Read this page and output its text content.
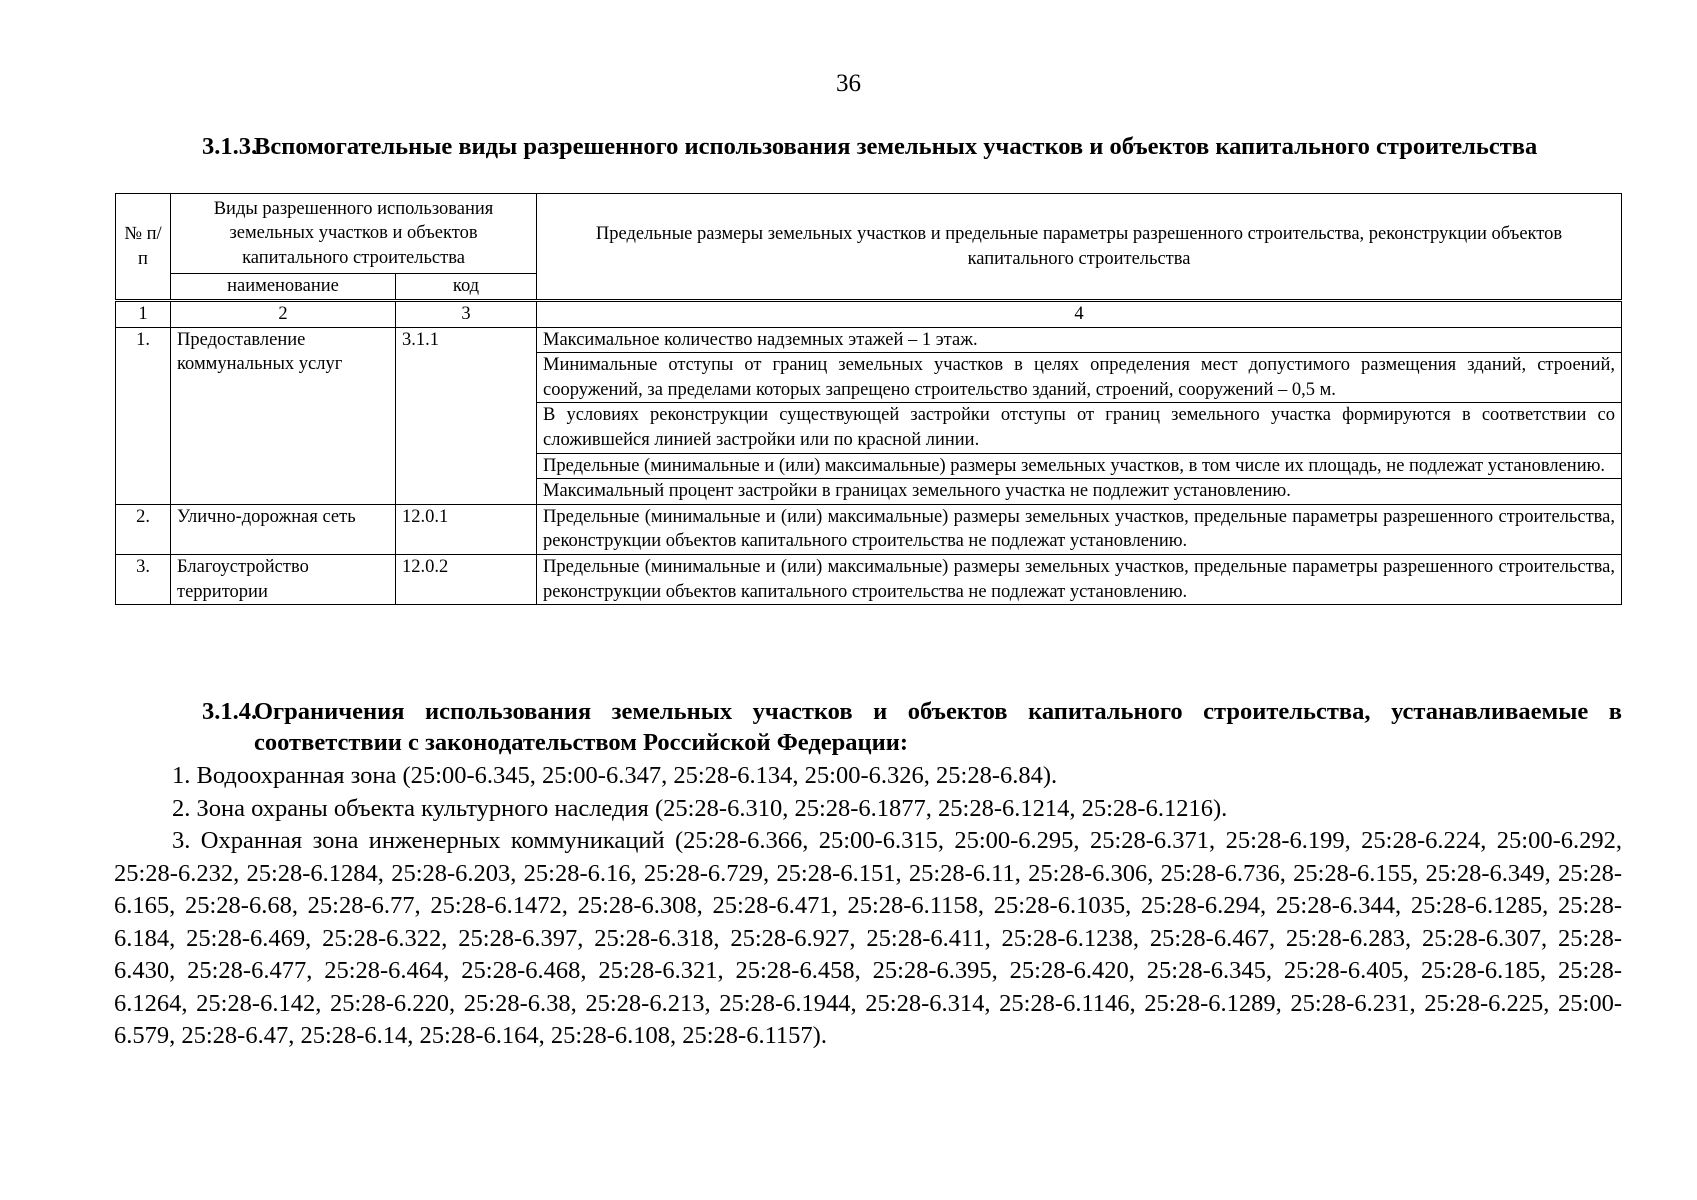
36
3.1.3.Вспомогательные виды разрешенного использования земельных участков и объектов капитального строительства
№ п/п	Виды разрешенного использования земельных участков и объектов капитального строительства		Предельные размеры земельных участков и предельные параметры разрешенного строительства, реконструкции объектов капитального строительства
	наименование	код	
1	2	3	4
1.	Предоставление коммунальных услуг	3.1.1	Максимальное количество надземных этажей – 1 этаж.
			Минимальные отступы от границ земельных участков в целях определения мест допустимого размещения зданий, строений, сооружений, за пределами которых запрещено строительство зданий, строений, сооружений – 0,5 м.
			В условиях реконструкции существующей застройки отступы от границ земельного участка формируются в соответствии со сложившейся линией застройки или по красной линии.
			Предельные (минимальные и (или) максимальные) размеры земельных участков, в том числе их площадь, не подлежат установлению.
			Максимальный процент застройки в границах земельного участка не подлежит установлению.
2.	Улично-дорожная сеть	12.0.1	Предельные (минимальные и (или) максимальные) размеры земельных участков, предельные параметры разрешенного строительства, реконструкции объектов капитального строительства не подлежат установлению.
3.	Благоустройство территории	12.0.2	Предельные (минимальные и (или) максимальные) размеры земельных участков, предельные параметры разрешенного строительства, реконструкции объектов капитального строительства не подлежат установлению.
3.1.4.Ограничения использования земельных участков и объектов капитального строительства, устанавливаемые в соответствии с законодательством Российской Федерации:

1. Водоохранная зона (25:00-6.345, 25:00-6.347, 25:28-6.134, 25:00-6.326, 25:28-6.84).

2. Зона охраны объекта культурного наследия (25:28-6.310, 25:28-6.1877, 25:28-6.1214, 25:28-6.1216).

3. Охранная зона инженерных коммуникаций (25:28-6.366, 25:00-6.315, 25:00-6.295, 25:28-6.371, 25:28-6.199, 25:28-6.224, 25:00-6.292, 25:28-6.232, 25:28-6.1284, 25:28-6.203, 25:28-6.16, 25:28-6.729, 25:28-6.151, 25:28-6.11, 25:28-6.306, 25:28-6.736, 25:28-6.155, 25:28-6.349, 25:28-6.165, 25:28-6.68, 25:28-6.77, 25:28-6.1472, 25:28-6.308, 25:28-6.471, 25:28-6.1158, 25:28-6.1035, 25:28-6.294, 25:28-6.344, 25:28-6.1285, 25:28-6.184, 25:28-6.469, 25:28-6.322, 25:28-6.397, 25:28-6.318, 25:28-6.927, 25:28-6.411, 25:28-6.1238, 25:28-6.467, 25:28-6.283, 25:28-6.307, 25:28-6.430, 25:28-6.477, 25:28-6.464, 25:28-6.468, 25:28-6.321, 25:28-6.458, 25:28-6.395, 25:28-6.420, 25:28-6.345, 25:28-6.405, 25:28-6.185, 25:28-6.1264, 25:28-6.142, 25:28-6.220, 25:28-6.38, 25:28-6.213, 25:28-6.1944, 25:28-6.314, 25:28-6.1146, 25:28-6.1289, 25:28-6.231, 25:28-6.225, 25:00-6.579, 25:28-6.47, 25:28-6.14, 25:28-6.164, 25:28-6.108, 25:28-6.1157).
